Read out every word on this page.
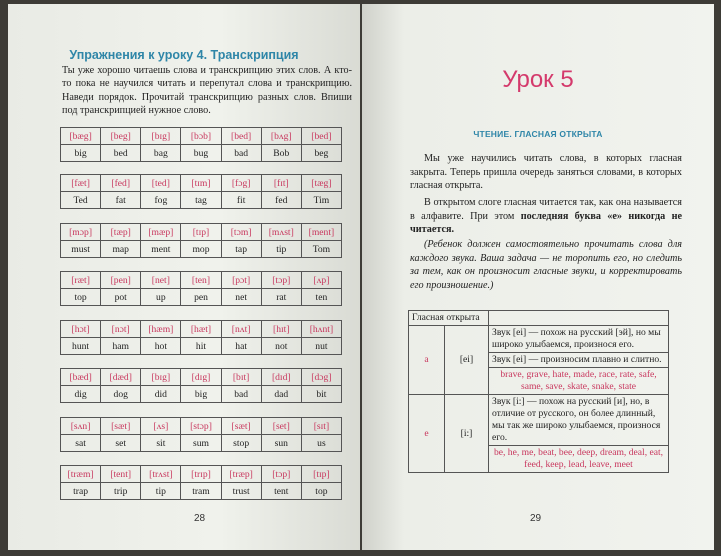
Упражнения к уроку 4. Транскрипция
Ты уже хорошо читаешь слова и транскрипцию этих слов. А кто-то пока не научился читать и перепутал слова и транскрипцию. Наведи порядок. Прочитай транскрипцию разных слов. Впиши под транскрипцией нужное слово.
[bæg]	[beg]	[bɪg]	[bɔb]	[bed]	[bʌg]	[bed]
big	bed	bag	bug	bad	Bob	beg
[fæt]	[fed]	[ted]	[tɪm]	[fɔg]	[fɪt]	[tæg]
Ted	fat	fog	tag	fit	fed	Tim
[mɔp]	[tæp]	[mæp]	[tɪp]	[tɔm]	[mʌst]	[ment]
must	map	ment	mop	tap	tip	Tom
[ræt]	[pen]	[net]	[ten]	[pɔt]	[tɔp]	[ʌp]
top	pot	up	pen	net	rat	ten
[hɔt]	[nɔt]	[hæm]	[hæt]	[nʌt]	[hɪt]	[hʌnt]
hunt	ham	hot	hit	hat	not	nut
[bæd]	[dæd]	[bɪg]	[dɪg]	[bɪt]	[dɪd]	[dɔg]
dig	dog	did	big	bad	dad	bit
[sʌn]	[sæt]	[ʌs]	[stɔp]	[sæt]	[set]	[sɪt]
sat	set	sit	sum	stop	sun	us
[træm]	[tent]	[trʌst]	[trɪp]	[træp]	[tɔp]	[tɪp]
trap	trip	tip	tram	trust	tent	top
28
Урок 5
ЧТЕНИЕ. ГЛАСНАЯ ОТКРЫТА
Мы уже научились читать слова, в которых гласная закрыта. Теперь пришла очередь заняться словами, в которых гласная открыта.
В открытом слоге гласная читается так, как она называется в алфавите. При этом последняя буква «е» никогда не читается.
(Ребенок должен самостоятельно прочитать слова для каждого звука. Ваша задача — не торопить его, но следить за тем, как он произносит гласные звуки, и корректировать его произношение.)
Гласная открыта		
a	[ei]	Звук [ei] — похож на русский [эй], но мы широко улыбаемся, произнося его.
		Звук [ei] — произносим плавно и слитно.
		brave, grave, hate, made, race, rate, safe, same, save, skate, snake, state
e	[i:]	Звук [i:] — похож на русский [и], но, в отличие от русского, он более длинный, мы так же широко улыбаемся, произнося его.
		be, he, me, beat, bee, deep, dream, deal, eat, feed, keep, lead, leave, meet
29
